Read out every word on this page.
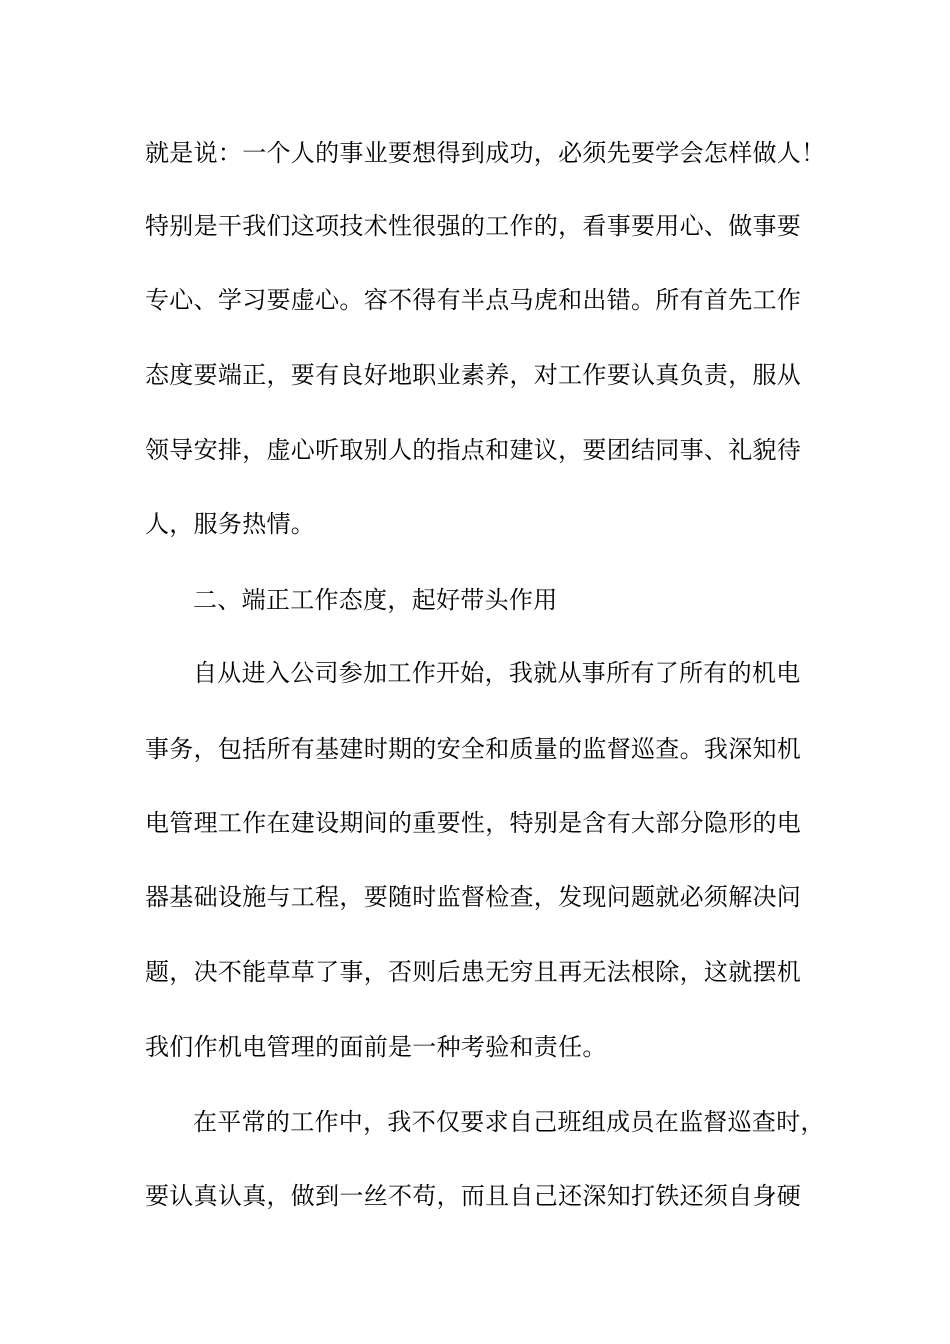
就是说：一个人的事业要想得到成功，必须先要学会怎样做人！
特别是干我们这项技术性很强的工作的，看事要用心、做事要
专心、学习要虚心。容不得有半点马虎和出错。所有首先工作
态度要端正，要有良好地职业素养，对工作要认真负责，服从
领导安排，虚心听取别人的指点和建议，要团结同事、礼貌待
人，服务热情。
二、端正工作态度，起好带头作用
自从进入公司参加工作开始，我就从事所有了所有的机电
事务，包括所有基建时期的安全和质量的监督巡查。我深知机
电管理工作在建设期间的重要性，特别是含有大部分隐形的电
器基础设施与工程，要随时监督检查，发现问题就必须解决问
题，决不能草草了事，否则后患无穷且再无法根除，这就摆机
我们作机电管理的面前是一种考验和责任。
在平常的工作中，我不仅要求自己班组成员在监督巡查时，
要认真认真，做到一丝不苟，而且自己还深知打铁还须自身硬
